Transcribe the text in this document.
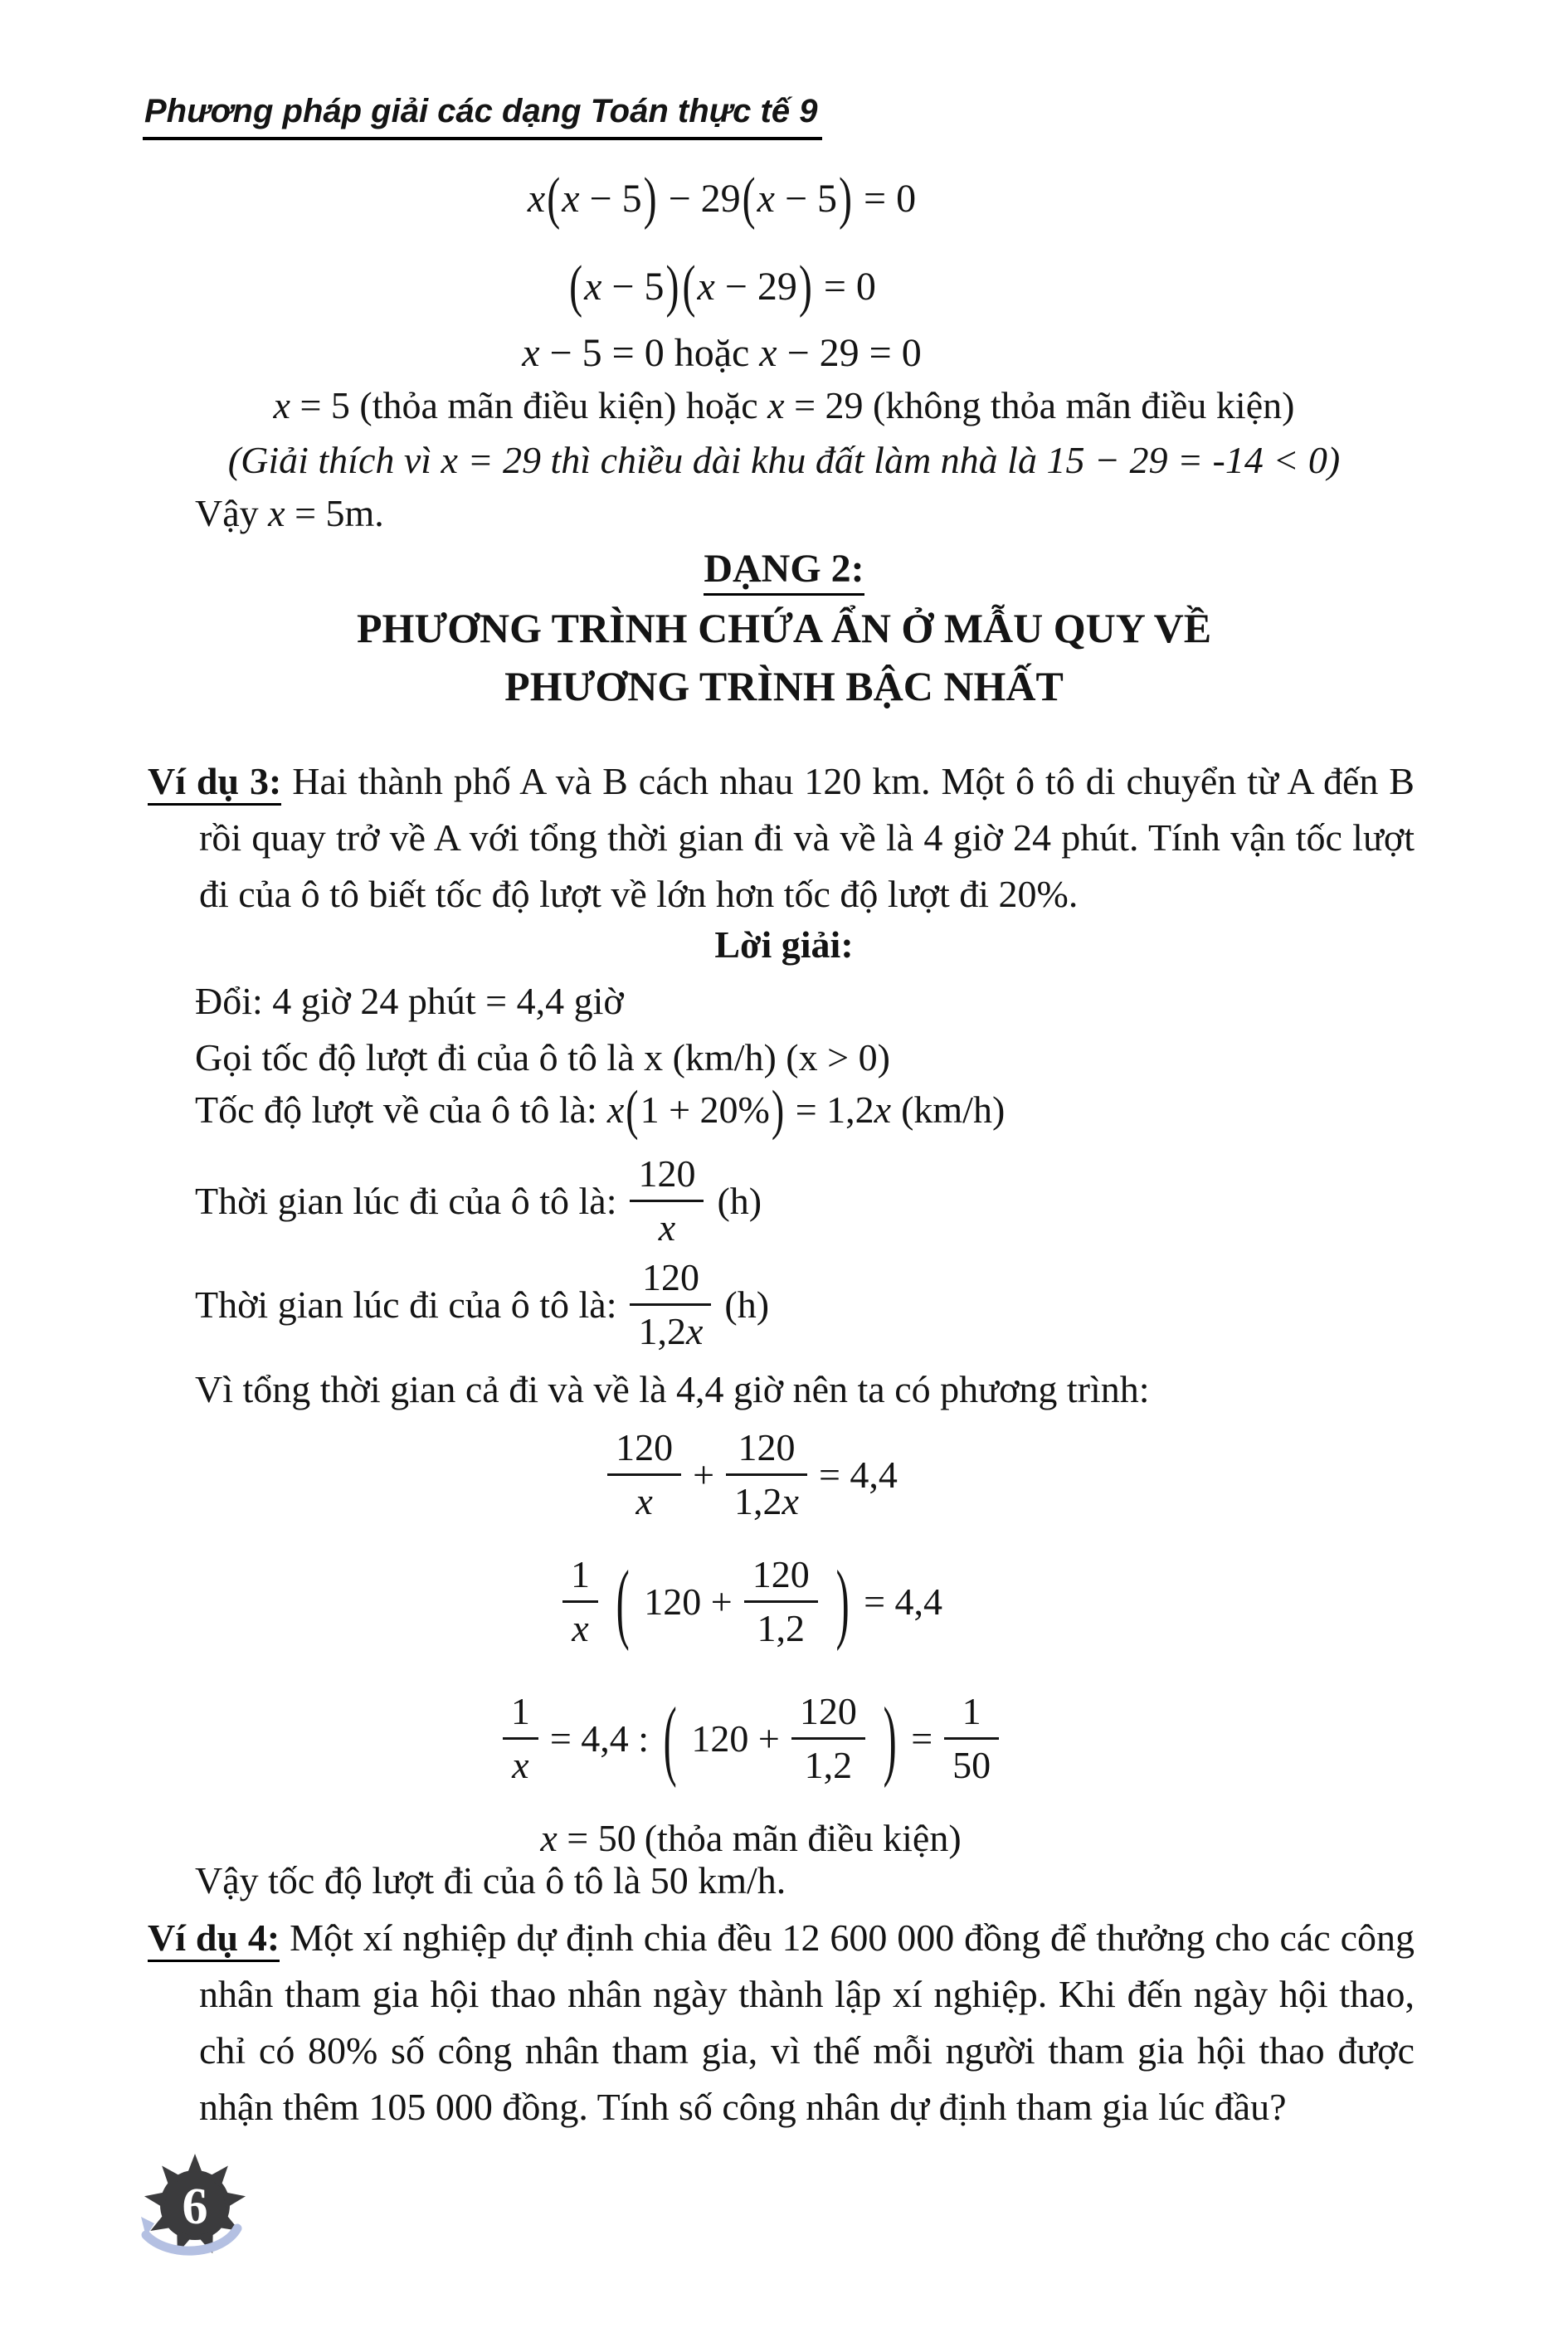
Phương pháp giải các dạng Toán thực tế 9
x(x − 5) − 29(x − 5) = 0
(x − 5)(x − 29) = 0
x − 5 = 0 hoặc x − 29 = 0
x = 5 (thỏa mãn điều kiện) hoặc x = 29 (không thỏa mãn điều kiện)
(Giải thích vì x = 29 thì chiều dài khu đất làm nhà là 15 − 29 = -14 < 0)
Vậy x = 5m.
DẠNG 2:
PHƯƠNG TRÌNH CHỨA ẨN Ở MẪU QUY VỀ
PHƯƠNG TRÌNH BẬC NHẤT
Ví dụ 3: Hai thành phố A và B cách nhau 120 km. Một ô tô di chuyển từ A đến B rồi quay trở về A với tổng thời gian đi và về là 4 giờ 24 phút. Tính vận tốc lượt đi của ô tô biết tốc độ lượt về lớn hơn tốc độ lượt đi 20%.
Lời giải:
Đổi: 4 giờ 24 phút = 4,4 giờ
Gọi tốc độ lượt đi của ô tô là x (km/h) (x > 0)
Tốc độ lượt về của ô tô là: x(1 + 20%) = 1,2x (km/h)
Thời gian lúc đi của ô tô là: $\frac{120}{x} (h)$
Thời gian lúc đi của ô tô là: $\frac{120}{1,2x} (h)$
Vì tổng thời gian cả đi và về là 4,4 giờ nên ta có phương trình:
$\frac{120}{x} + \frac{120}{1,2x} = 4,4$
$\frac{1}{x}$ ( $120 + \frac{120}{1,2}$ ) = 4,4
$\frac{1}{x} = 4,4$ : ( $120 + \frac{120}{1,2}$ ) = $\frac{1}{50}$
x = 50 (thỏa mãn điều kiện)
Vậy tốc độ lượt đi của ô tô là 50 km/h.
Ví dụ 4: Một xí nghiệp dự định chia đều 12 600 000 đồng để thưởng cho các công nhân tham gia hội thao nhân ngày thành lập xí nghiệp. Khi đến ngày hội thao, chỉ có 80% số công nhân tham gia, vì thế mỗi người tham gia hội thao được nhận thêm 105 000 đồng. Tính số công nhân dự định tham gia lúc đầu?
6
